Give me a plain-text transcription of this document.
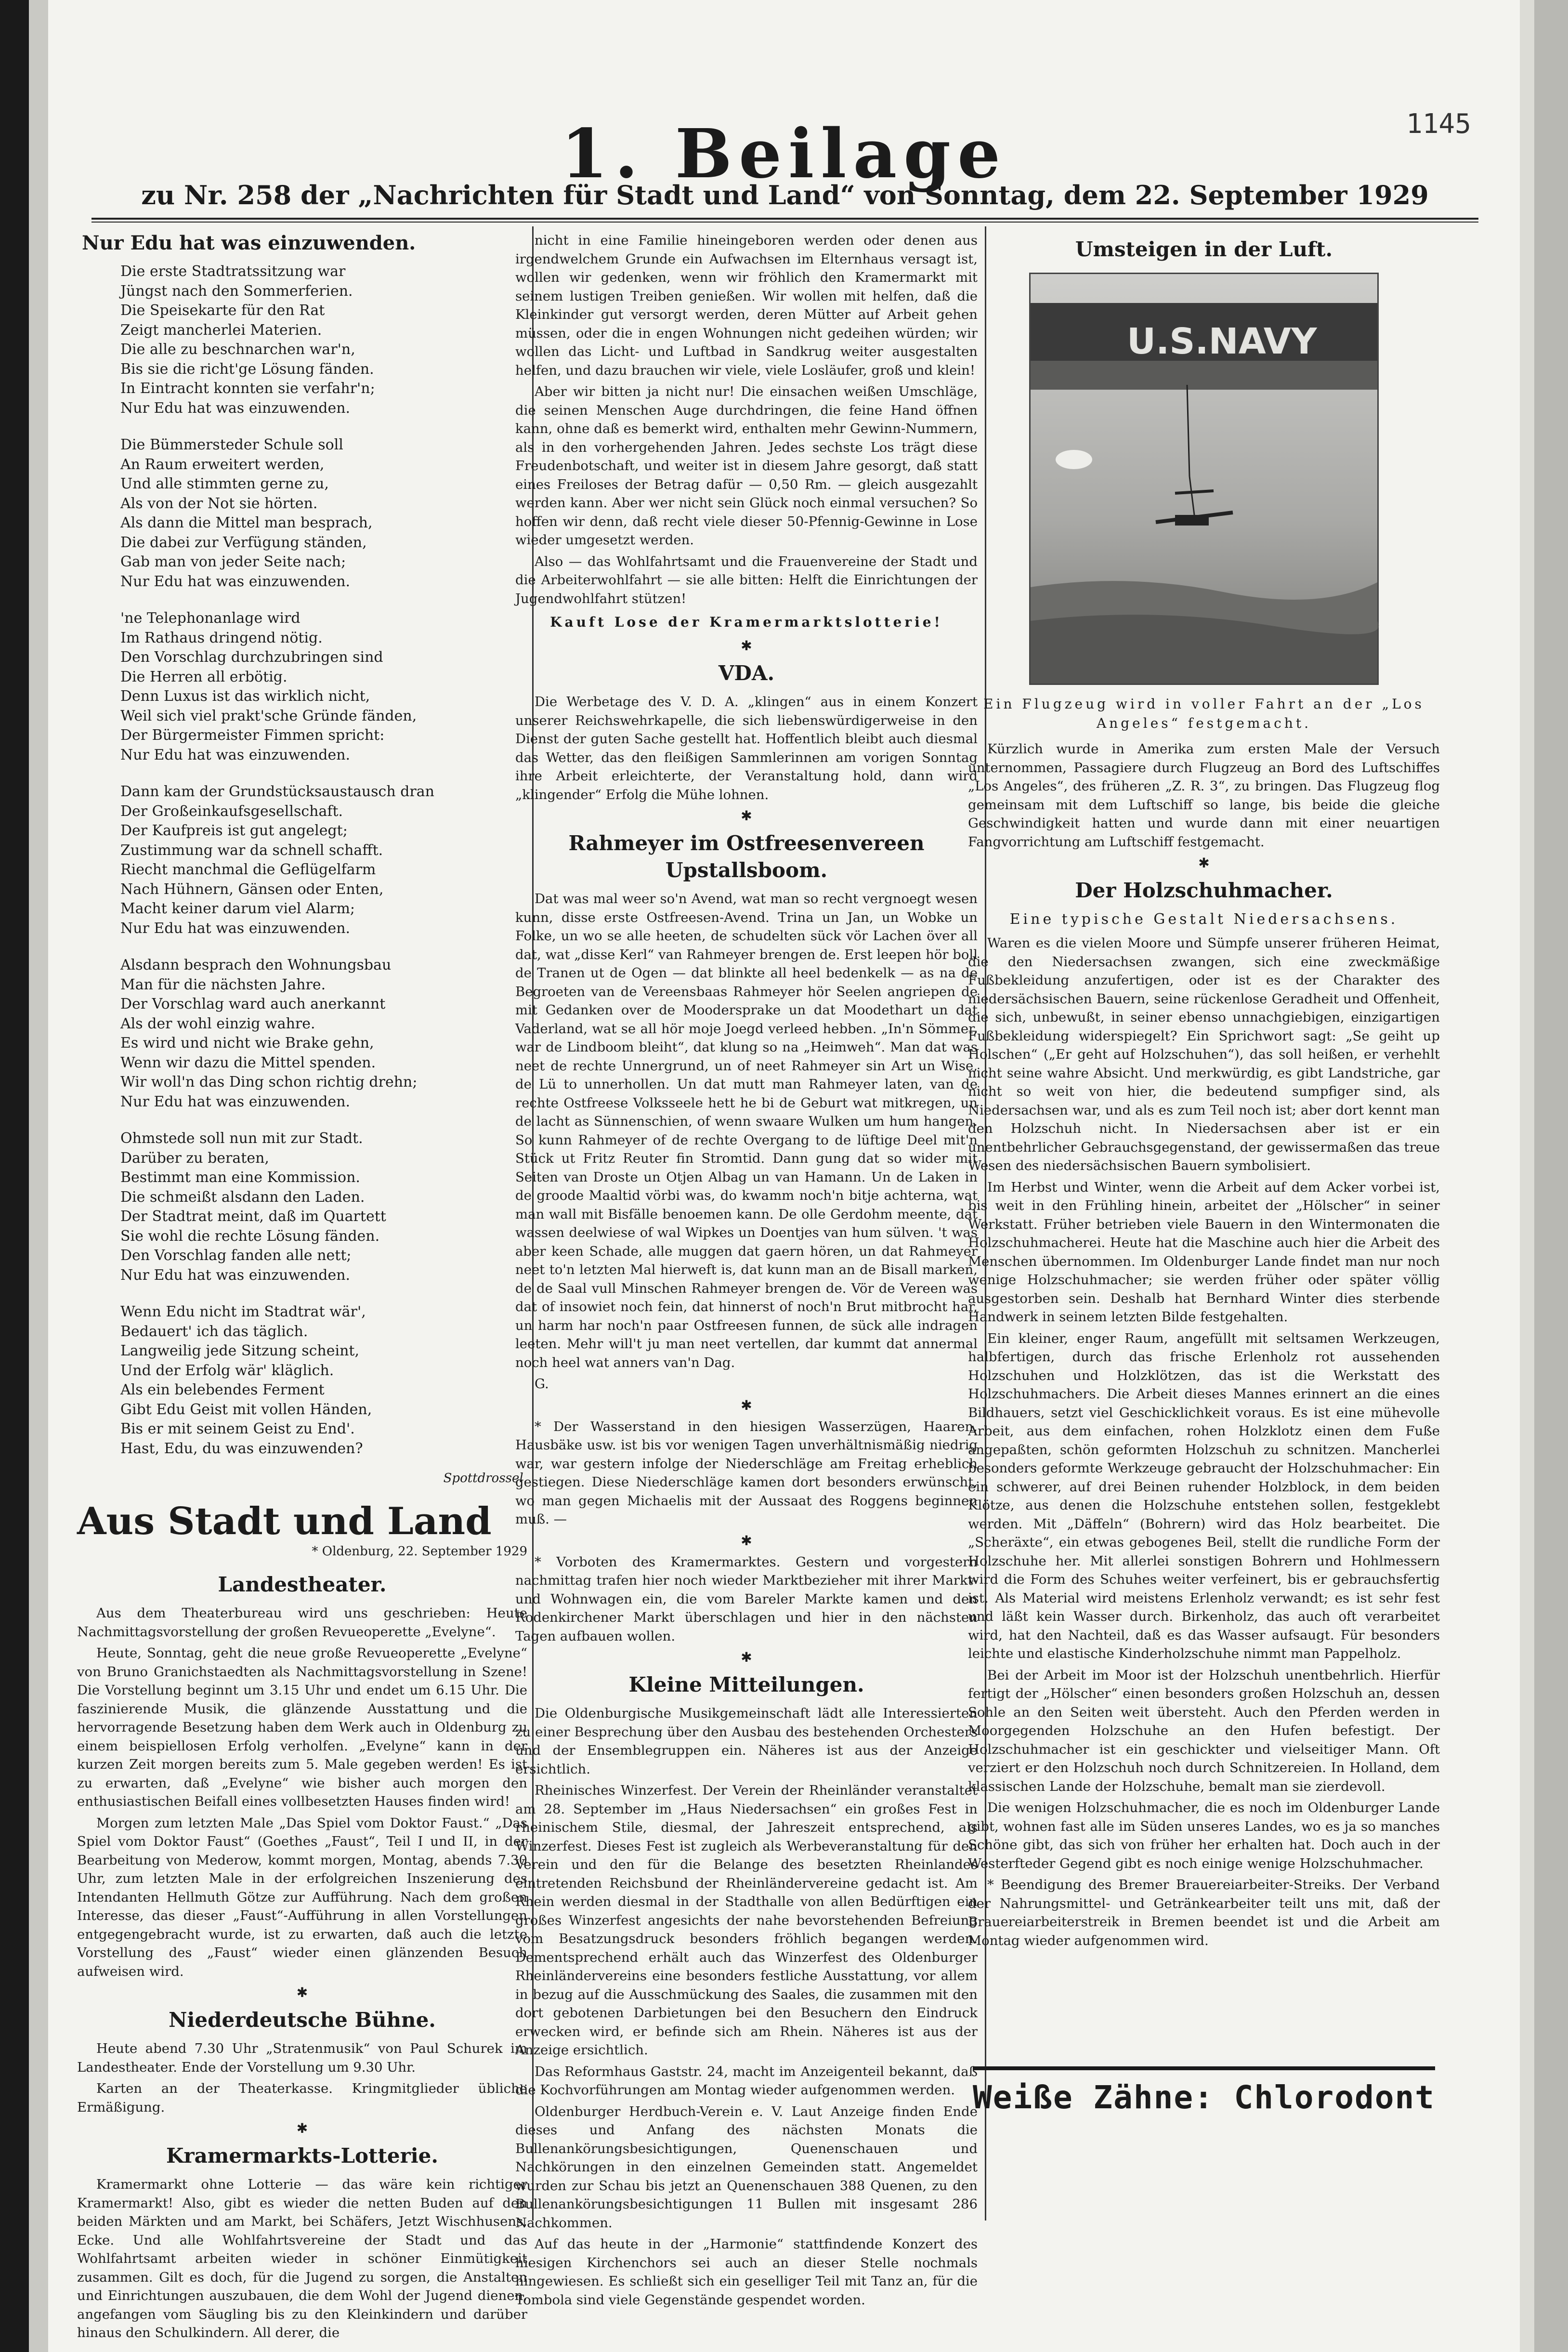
1145
1. Beilage
zu Nr. 258 der „Nachrichten für Stadt und Land“ von Sonntag, dem 22. September 1929
Nur Edu hat was einzuwenden.
Die erste Stadtratssitzung war
Jüngst nach den Sommerferien.
Die Speisekarte für den Rat
Zeigt mancherlei Materien.
Die alle zu beschnarchen war'n,
Bis sie die richt'ge Lösung fänden.
In Eintracht konnten sie verfahr'n;
Nur Edu hat was einzuwenden.
Die Bümmersteder Schule soll
An Raum erweitert werden,
Und alle stimmten gerne zu,
Als von der Not sie hörten.
Als dann die Mittel man besprach,
Die dabei zur Verfügung ständen,
Gab man von jeder Seite nach;
Nur Edu hat was einzuwenden.
'ne Telephonanlage wird
Im Rathaus dringend nötig.
Den Vorschlag durchzubringen sind
Die Herren all erbötig.
Denn Luxus ist das wirklich nicht,
Weil sich viel prakt'sche Gründe fänden,
Der Bürgermeister Fimmen spricht:
Nur Edu hat was einzuwenden.
Dann kam der Grundstücksaustausch dran
Der Großeinkaufsgesellschaft.
Der Kaufpreis ist gut angelegt;
Zustimmung war da schnell schafft.
Riecht manchmal die Geflügelfarm
Nach Hühnern, Gänsen oder Enten,
Macht keiner darum viel Alarm;
Nur Edu hat was einzuwenden.
Alsdann besprach den Wohnungsbau
Man für die nächsten Jahre.
Der Vorschlag ward auch anerkannt
Als der wohl einzig wahre.
Es wird und nicht wie Brake gehn,
Wenn wir dazu die Mittel spenden.
Wir woll'n das Ding schon richtig drehn;
Nur Edu hat was einzuwenden.
Ohmstede soll nun mit zur Stadt.
Darüber zu beraten,
Bestimmt man eine Kommission.
Die schmeißt alsdann den Laden.
Der Stadtrat meint, daß im Quartett
Sie wohl die rechte Lösung fänden.
Den Vorschlag fanden alle nett;
Nur Edu hat was einzuwenden.
Wenn Edu nicht im Stadtrat wär',
Bedauert' ich das täglich.
Langweilig jede Sitzung scheint,
Und der Erfolg wär' kläglich.
Als ein belebendes Ferment
Gibt Edu Geist mit vollen Händen,
Bis er mit seinem Geist zu End'.
Hast, Edu, du was einzuwenden?
Spottdrossel.
Aus Stadt und Land
* Oldenburg, 22. September 1929
Landestheater.
Aus dem Theaterbureau wird uns geschrieben: Heute Nachmittagsvorstellung der großen Revueoperette „Evelyne“.
Heute, Sonntag, geht die neue große Revueoperette „Evelyne“ von Bruno Granichstaedten als Nachmittagsvorstellung in Szene! Die Vorstellung beginnt um 3.15 Uhr und endet um 6.15 Uhr. Die faszinierende Musik, die glänzende Ausstattung und die hervorragende Besetzung haben dem Werk auch in Oldenburg zu einem beispiellosen Erfolg verholfen. „Evelyne“ kann in der kurzen Zeit morgen bereits zum 5. Male gegeben werden! Es ist zu erwarten, daß „Evelyne“ wie bisher auch morgen den enthusiastischen Beifall eines vollbesetzten Hauses finden wird!
Morgen zum letzten Male „Das Spiel vom Doktor Faust.“ „Das Spiel vom Doktor Faust“ (Goethes „Faust“, Teil I und II, in der Bearbeitung von Mederow, kommt morgen, Montag, abends 7.30 Uhr, zum letzten Male in der erfolgreichen Inszenierung des Intendanten Hellmuth Götze zur Aufführung. Nach dem großen Interesse, das dieser „Faust“-Aufführung in allen Vorstellungen entgegengebracht wurde, ist zu erwarten, daß auch die letzte Vorstellung des „Faust“ wieder einen glänzenden Besuch aufweisen wird.
✱
Niederdeutsche Bühne.
Heute abend 7.30 Uhr „Stratenmusik“ von Paul Schurek im Landestheater. Ende der Vorstellung um 9.30 Uhr.
Karten an der Theaterkasse. Kringmitglieder übliche Ermäßigung.
✱
Kramermarkts-Lotterie.
Kramermarkt ohne Lotterie — das wäre kein richtiger Kramermarkt! Also, gibt es wieder die netten Buden auf den beiden Märkten und am Markt, bei Schäfers, Jetzt Wischhusens, Ecke. Und alle Wohlfahrtsvereine der Stadt und das Wohlfahrtsamt arbeiten wieder in schöner Einmütigkeit zusammen. Gilt es doch, für die Jugend zu sorgen, die Anstalten und Einrichtungen auszubauen, die dem Wohl der Jugend dienen, angefangen vom Säugling bis zu den Kleinkindern und darüber hinaus den Schulkindern. All derer, die
nicht in eine Familie hineingeboren werden oder denen aus irgendwelchem Grunde ein Aufwachsen im Elternhaus versagt ist, wollen wir gedenken, wenn wir fröhlich den Kramermarkt mit seinem lustigen Treiben genießen. Wir wollen mit helfen, daß die Kleinkinder gut versorgt werden, deren Mütter auf Arbeit gehen müssen, oder die in engen Wohnungen nicht gedeihen würden; wir wollen das Licht- und Luftbad in Sandkrug weiter ausgestalten helfen, und dazu brauchen wir viele, viele Losläufer, groß und klein!
Aber wir bitten ja nicht nur! Die einsachen weißen Umschläge, die seinen Menschen Auge durchdringen, die feine Hand öffnen kann, ohne daß es bemerkt wird, enthalten mehr Gewinn-Nummern, als in den vorhergehenden Jahren. Jedes sechste Los trägt diese Freudenbotschaft, und weiter ist in diesem Jahre gesorgt, daß statt eines Freiloses der Betrag dafür — 0,50 Rm. — gleich ausgezahlt werden kann. Aber wer nicht sein Glück noch einmal versuchen? So hoffen wir denn, daß recht viele dieser 50-Pfennig-Gewinne in Lose wieder umgesetzt werden.
Also — das Wohlfahrtsamt und die Frauenvereine der Stadt und die Arbeiterwohlfahrt — sie alle bitten: Helft die Einrichtungen der Jugendwohlfahrt stützen!
Kauft Lose der Kramermarktslotterie!
✱
VDA.
Die Werbetage des V. D. A. „klingen“ aus in einem Konzert unserer Reichswehrkapelle, die sich liebenswürdigerweise in den Dienst der guten Sache gestellt hat. Hoffentlich bleibt auch diesmal das Wetter, das den fleißigen Sammlerinnen am vorigen Sonntag ihre Arbeit erleichterte, der Veranstaltung hold, dann wird „klingender“ Erfolg die Mühe lohnen.
✱
Rahmeyer im Ostfreesenvereen Upstallsboom.
Dat was mal weer so'n Avend, wat man so recht vergnoegt wesen kunn, disse erste Ostfreesen-Avend. Trina un Jan, un Wobke un Folke, un wo se alle heeten, de schudelten sück vör Lachen över all dat, wat „disse Kerl“ van Rahmeyer brengen de. Erst leepen hör boll de Tranen ut de Ogen — dat blinkte all heel bedenkelk — as na de Begroeten van de Vereensbaas Rahmeyer hör Seelen angriepen de mit Gedanken over de Moodersprake un dat Moodethart un dat Vaderland, wat se all hör moje Joegd verleed hebben. „In'n Sömmer, war de Lindboom bleiht“, dat klung so na „Heimweh“. Man dat was neet de rechte Unnergrund, un of neet Rahmeyer sin Art un Wise, de Lü to unnerhollen. Un dat mutt man Rahmeyer laten, van de rechte Ostfreese Volksseele hett he bi de Geburt wat mitkregen, un de lacht as Sünnenschien, of wenn swaare Wulken um hum hangen. So kunn Rahmeyer of de rechte Overgang to de lüftige Deel mit'n Stück ut Fritz Reuter fin Stromtid. Dann gung dat so wider mit Seiten van Droste un Otjen Albag un van Hamann. Un de Laken in de groode Maaltid vörbi was, do kwamm noch'n bitje achterna, wat man wall mit Bisfälle benoemen kann. De olle Gerdohm meente, dat wassen deelwiese of wal Wipkes un Doentjes van hum sülven. 't was aber keen Schade, alle muggen dat gaern hören, un dat Rahmeyer neet to'n letzten Mal hierweft is, dat kunn man an de Bisall marken, de de Saal vull Minschen Rahmeyer brengen de. Vör de Vereen was dat of insowiet noch fein, dat hinnerst of noch'n Brut mitbrocht har, un harm har noch'n paar Ostfreesen funnen, de sück alle indragen leeten. Mehr will't ju man neet vertellen, dar kummt dat annermal noch heel wat anners van'n Dag.
G.
✱
* Der Wasserstand in den hiesigen Wasserzügen, Haaren, Hausbäke usw. ist bis vor wenigen Tagen unverhältnismäßig niedrig war, war gestern infolge der Niederschläge am Freitag erheblich gestiegen. Diese Niederschläge kamen dort besonders erwünscht, wo man gegen Michaelis mit der Aussaat des Roggens beginnen muß. —
✱
* Vorboten des Kramermarktes. Gestern und vorgestern nachmittag trafen hier noch wieder Marktbezieher mit ihrer Markt- und Wohnwagen ein, die vom Bareler Markte kamen und den Rodenkirchener Markt überschlagen und hier in den nächsten Tagen aufbauen wollen.
✱
Kleine Mitteilungen.
Die Oldenburgische Musikgemeinschaft lädt alle Interessierten zu einer Besprechung über den Ausbau des bestehenden Orchesters und der Ensemblegruppen ein. Näheres ist aus der Anzeige ersichtlich.
Rheinisches Winzerfest. Der Verein der Rheinländer veranstaltet am 28. September im „Haus Niedersachsen“ ein großes Fest in rheinischem Stile, diesmal, der Jahreszeit entsprechend, als Winzerfest. Dieses Fest ist zugleich als Werbeveranstaltung für den Verein und den für die Belange des besetzten Rheinlandes eintretenden Reichsbund der Rheinländervereine gedacht ist. Am Rhein werden diesmal in der Stadthalle von allen Bedürftigen ein großes Winzerfest angesichts der nahe bevorstehenden Befreiung vom Besatzungsdruck besonders fröhlich begangen werden. Dementsprechend erhält auch das Winzerfest des Oldenburger Rheinländervereins eine besonders festliche Ausstattung, vor allem in bezug auf die Ausschmückung des Saales, die zusammen mit den dort gebotenen Darbietungen bei den Besuchern den Eindruck erwecken wird, er befinde sich am Rhein. Näheres ist aus der Anzeige ersichtlich.
Das Reformhaus Gaststr. 24, macht im Anzeigenteil bekannt, daß die Kochvorführungen am Montag wieder aufgenommen werden.
Oldenburger Herdbuch-Verein e. V. Laut Anzeige finden Ende dieses und Anfang des nächsten Monats die Bullenankörungsbesichtigungen, Quenenschauen und Nachkörungen in den einzelnen Gemeinden statt. Angemeldet wurden zur Schau bis jetzt an Quenenschauen 388 Quenen, zu den Bullenankörungsbesichtigungen 11 Bullen mit insgesamt 286 Nachkommen.
Auf das heute in der „Harmonie“ stattfindende Konzert des hiesigen Kirchenchors sei auch an dieser Stelle nochmals hingewiesen. Es schließt sich ein geselliger Teil mit Tanz an, für die Tombola sind viele Gegenstände gespendet worden.
Umsteigen in der Luft.
U.S.NAVY
Ein Flugzeug wird in voller Fahrt an der „Los Angeles“ festgemacht.
Kürzlich wurde in Amerika zum ersten Male der Versuch unternommen, Passagiere durch Flugzeug an Bord des Luftschiffes „Los Angeles“, des früheren „Z. R. 3“, zu bringen. Das Flugzeug flog gemeinsam mit dem Luftschiff so lange, bis beide die gleiche Geschwindigkeit hatten und wurde dann mit einer neuartigen Fangvorrichtung am Luftschiff festgemacht.
✱
Der Holzschuhmacher.
Eine typische Gestalt Niedersachsens.
Waren es die vielen Moore und Sümpfe unserer früheren Heimat, die den Niedersachsen zwangen, sich eine zweckmäßige Fußbekleidung anzufertigen, oder ist es der Charakter des niedersächsischen Bauern, seine rückenlose Geradheit und Offenheit, die sich, unbewußt, in seiner ebenso unnachgiebigen, einzigartigen Fußbekleidung widerspiegelt? Ein Sprichwort sagt: „Se geiht up Holschen“ („Er geht auf Holzschuhen“), das soll heißen, er verhehlt nicht seine wahre Absicht. Und merkwürdig, es gibt Landstriche, gar nicht so weit von hier, die bedeutend sumpfiger sind, als Niedersachsen war, und als es zum Teil noch ist; aber dort kennt man den Holzschuh nicht. In Niedersachsen aber ist er ein unentbehrlicher Gebrauchsgegenstand, der gewissermaßen das treue Wesen des niedersächsischen Bauern symbolisiert.
Im Herbst und Winter, wenn die Arbeit auf dem Acker vorbei ist, bis weit in den Frühling hinein, arbeitet der „Hölscher“ in seiner Werkstatt. Früher betrieben viele Bauern in den Wintermonaten die Holzschuhmacherei. Heute hat die Maschine auch hier die Arbeit des Menschen übernommen. Im Oldenburger Lande findet man nur noch wenige Holzschuhmacher; sie werden früher oder später völlig ausgestorben sein. Deshalb hat Bernhard Winter dies sterbende Handwerk in seinem letzten Bilde festgehalten.
Ein kleiner, enger Raum, angefüllt mit seltsamen Werkzeugen, halbfertigen, durch das frische Erlenholz rot aussehenden Holzschuhen und Holzklötzen, das ist die Werkstatt des Holzschuhmachers. Die Arbeit dieses Mannes erinnert an die eines Bildhauers, setzt viel Geschicklichkeit voraus. Es ist eine mühevolle Arbeit, aus dem einfachen, rohen Holzklotz einen dem Fuße angepaßten, schön geformten Holzschuh zu schnitzen. Mancherlei besonders geformte Werkzeuge gebraucht der Holzschuhmacher: Ein ein schwerer, auf drei Beinen ruhender Holzblock, in dem beiden Klötze, aus denen die Holzschuhe entstehen sollen, festgeklebt werden. Mit „Däffeln“ (Bohrern) wird das Holz bearbeitet. Die „Scheräxte“, ein etwas gebogenes Beil, stellt die rundliche Form der Holzschuhe her. Mit allerlei sonstigen Bohrern und Hohlmessern wird die Form des Schuhes weiter verfeinert, bis er gebrauchsfertig ist. Als Material wird meistens Erlenholz verwandt; es ist sehr fest und läßt kein Wasser durch. Birkenholz, das auch oft verarbeitet wird, hat den Nachteil, daß es das Wasser aufsaugt. Für besonders leichte und elastische Kinderholzschuhe nimmt man Pappelholz.
Bei der Arbeit im Moor ist der Holzschuh unentbehrlich. Hierfür fertigt der „Hölscher“ einen besonders großen Holzschuh an, dessen Sohle an den Seiten weit übersteht. Auch den Pferden werden in Moorgegenden Holzschuhe an den Hufen befestigt. Der Holzschuhmacher ist ein geschickter und vielseitiger Mann. Oft verziert er den Holzschuh noch durch Schnitzereien. In Holland, dem klassischen Lande der Holzschuhe, bemalt man sie zierdevoll.
Die wenigen Holzschuhmacher, die es noch im Oldenburger Lande gibt, wohnen fast alle im Süden unseres Landes, wo es ja so manches Schöne gibt, das sich von früher her erhalten hat. Doch auch in der Westerfteder Gegend gibt es noch einige wenige Holzschuhmacher.
* Beendigung des Bremer Brauereiarbeiter-Streiks. Der Verband der Nahrungsmittel- und Getränkearbeiter teilt uns mit, daß der Brauereiarbeiterstreik in Bremen beendet ist und die Arbeit am Montag wieder aufgenommen wird.
Weiße Zähne: Chlorodont
